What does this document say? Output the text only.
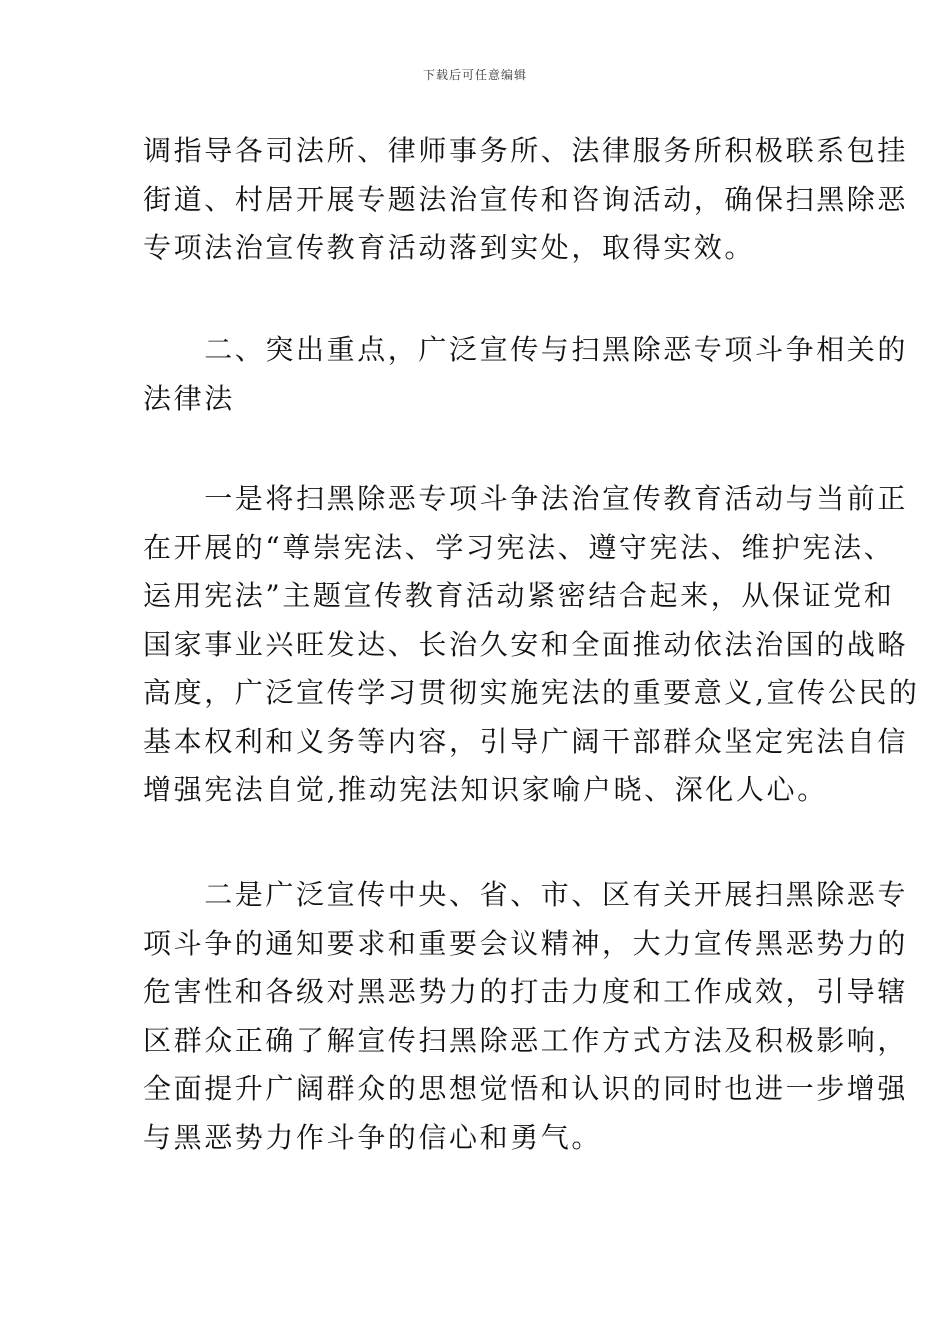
下载后可任意编辑
调指导各司法所、律师事务所、法律服务所积极联系包挂
街道、村居开展专题法治宣传和咨询活动，确保扫黑除恶
专项法治宣传教育活动落到实处，取得实效。
　　二、突出重点，广泛宣传与扫黑除恶专项斗争相关的
法律法
　　一是将扫黑除恶专项斗争法治宣传教育活动与当前正
在开展的“尊崇宪法、学习宪法、遵守宪法、维护宪法、
运用宪法”主题宣传教育活动紧密结合起来，从保证党和
国家事业兴旺发达、长治久安和全面推动依法治国的战略
高度，广泛宣传学习贯彻实施宪法的重要意义,宣传公民的
基本权利和义务等内容，引导广阔干部群众坚定宪法自信
增强宪法自觉,推动宪法知识家喻户晓、深化人心。
　　二是广泛宣传中央、省、市、区有关开展扫黑除恶专
项斗争的通知要求和重要会议精神，大力宣传黑恶势力的
危害性和各级对黑恶势力的打击力度和工作成效，引导辖
区群众正确了解宣传扫黑除恶工作方式方法及积极影响，
全面提升广阔群众的思想觉悟和认识的同时也进一步增强
与黑恶势力作斗争的信心和勇气。
